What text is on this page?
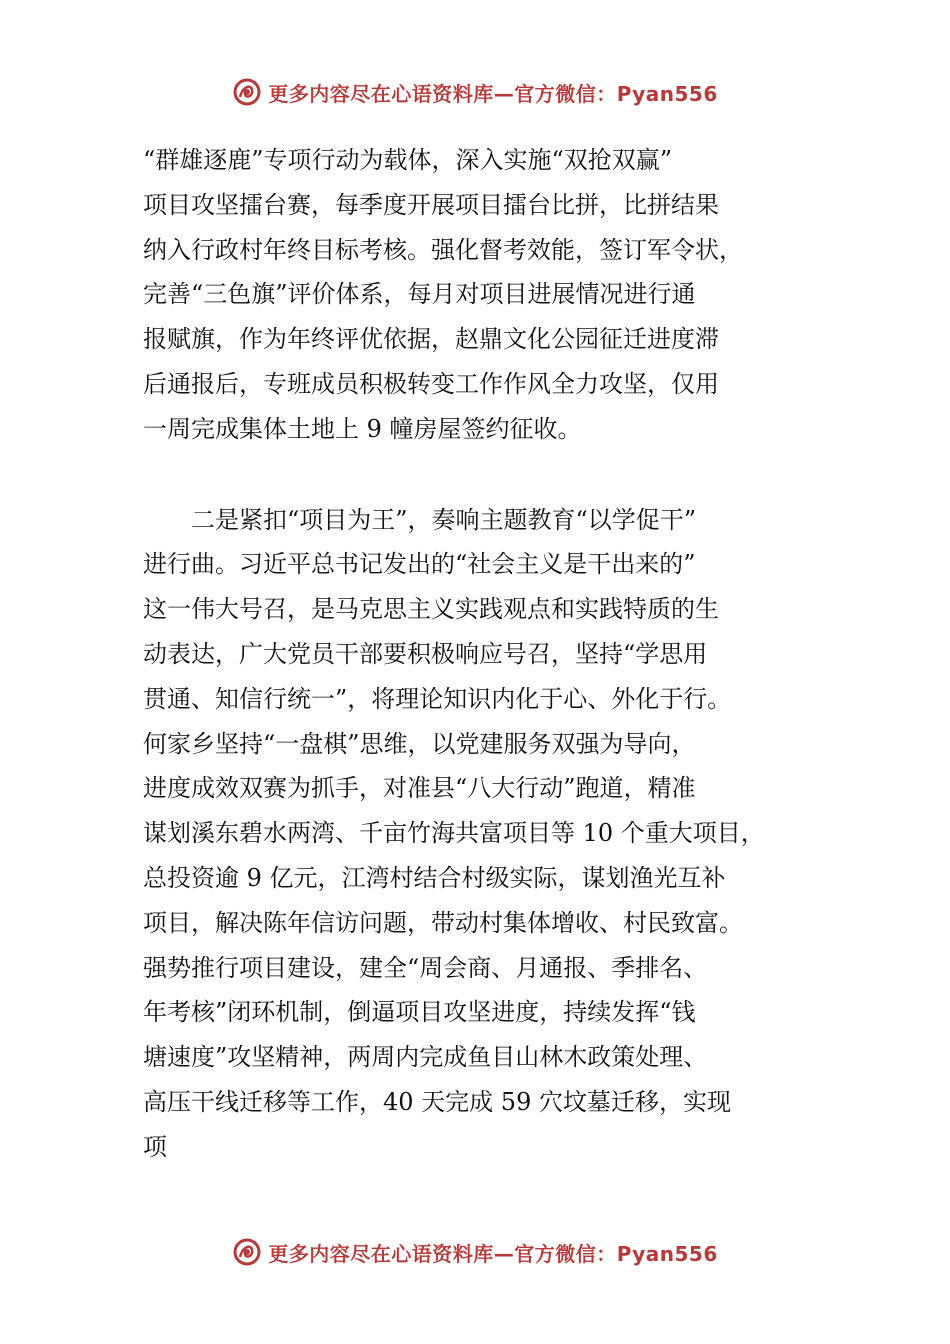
更多内容尽在心语资料库—官方微信：Pyan556

“群雄逐鹿”专项行动为载体，深入实施“双抢双赢”
项目攻坚擂台赛，每季度开展项目擂台比拼，比拼结果
纳入行政村年终目标考核。强化督考效能，签订军令状，
完善“三色旗”评价体系，每月对项目进展情况进行通
报赋旗，作为年终评优依据，赵鼎文化公园征迁进度滞
后通报后，专班成员积极转变工作作风全力攻坚，仅用
一周完成集体土地上 9 幢房屋签约征收。

　　二是紧扣“项目为王”，奏响主题教育“以学促干”
进行曲。习近平总书记发出的“社会主义是干出来的”
这一伟大号召，是马克思主义实践观点和实践特质的生
动表达，广大党员干部要积极响应号召，坚持“学思用
贯通、知信行统一”，将理论知识内化于心、外化于行。
何家乡坚持“一盘棋”思维，以党建服务双强为导向，
进度成效双赛为抓手，对准县“八大行动”跑道，精准
谋划溪东碧水两湾、千亩竹海共富项目等 10 个重大项目，
总投资逾 9 亿元，江湾村结合村级实际，谋划渔光互补
项目，解决陈年信访问题，带动村集体增收、村民致富。
强势推行项目建设，建全“周会商、月通报、季排名、
年考核”闭环机制，倒逼项目攻坚进度，持续发挥“钱
塘速度”攻坚精神，两周内完成鱼目山林木政策处理、
高压干线迁移等工作，40 天完成 59 穴坟墓迁移，实现
项

更多内容尽在心语资料库—官方微信：Pyan556
